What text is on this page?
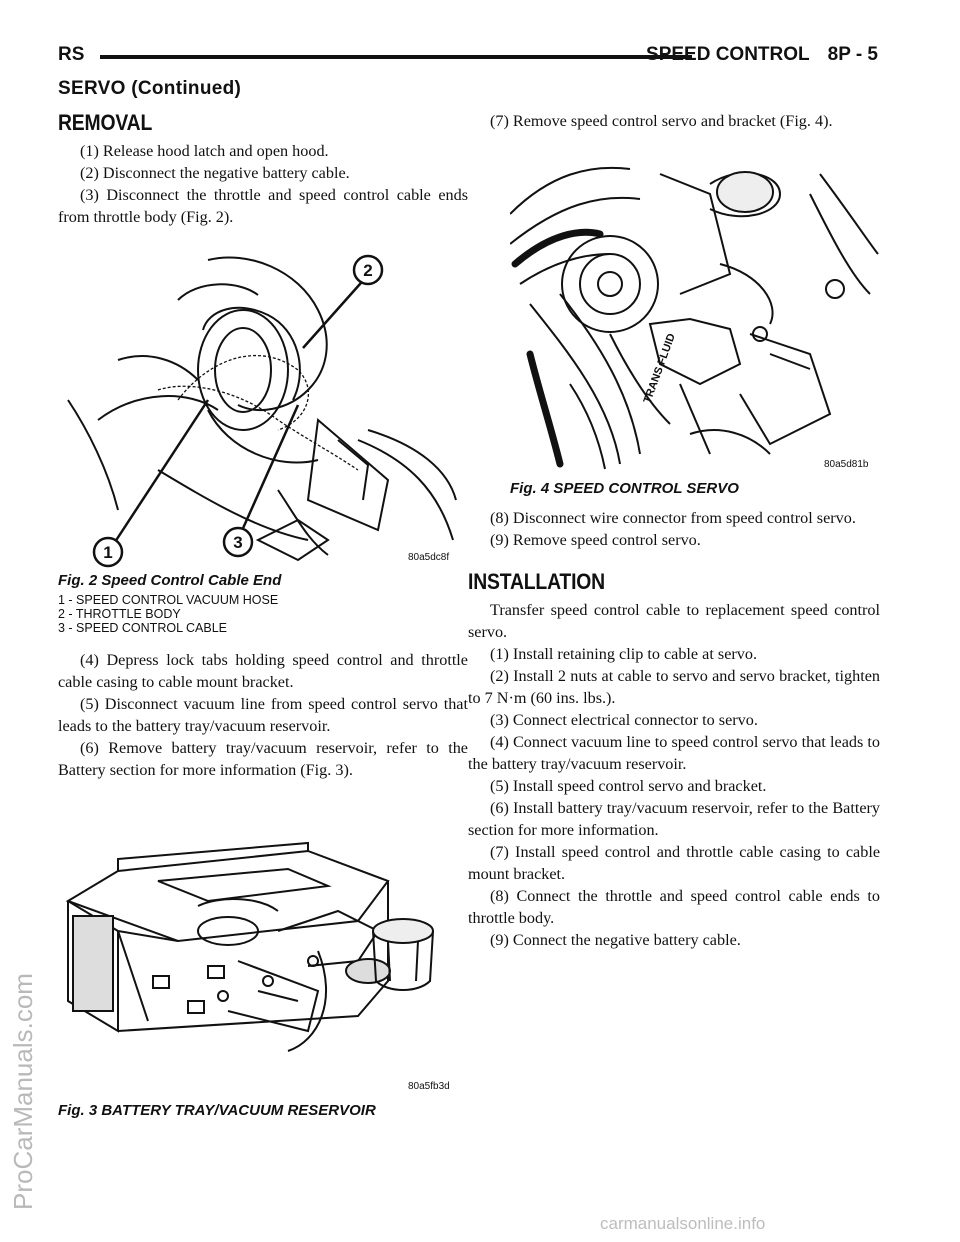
RS	SPEED CONTROL 8P - 5
SERVO (Continued)
REMOVAL

(1) Release hood latch and open hood.

(2) Disconnect the negative battery cable.

(3) Disconnect the throttle and speed control cable ends from throttle body (Fig. 2).

2
1
3
80a5dc8f
Fig. 2 Speed Control Cable End
1 - SPEED CONTROL VACUUM HOSE
2 - THROTTLE BODY
3 - SPEED CONTROL CABLE

(4) Depress lock tabs holding speed control and throttle cable casing to cable mount bracket.

(5) Disconnect vacuum line from speed control servo that leads to the battery tray/vacuum reservoir.

(6) Remove battery tray/vacuum reservoir, refer to the Battery section for more information (Fig. 3).

80a5fb3d
Fig. 3 BATTERY TRAY/VACUUM RESERVOIR

(7) Remove speed control servo and bracket (Fig. 4).

TRANS FLUID
80a5d81b
Fig. 4 SPEED CONTROL SERVO

(8) Disconnect wire connector from speed control servo.

(9) Remove speed control servo.

INSTALLATION

Transfer speed control cable to replacement speed control servo.

(1) Install retaining clip to cable at servo.

(2) Install 2 nuts at cable to servo and servo bracket, tighten to 7 N·m (60 ins. lbs.).

(3) Connect electrical connector to servo.

(4) Connect vacuum line to speed control servo that leads to the battery tray/vacuum reservoir.

(5) Install speed control servo and bracket.

(6) Install battery tray/vacuum reservoir, refer to the Battery section for more information.

(7) Install speed control and throttle cable casing to cable mount bracket.

(8) Connect the throttle and speed control cable ends to throttle body.

(9) Connect the negative battery cable.

ProCarManuals.com
carmanualsonline.info
